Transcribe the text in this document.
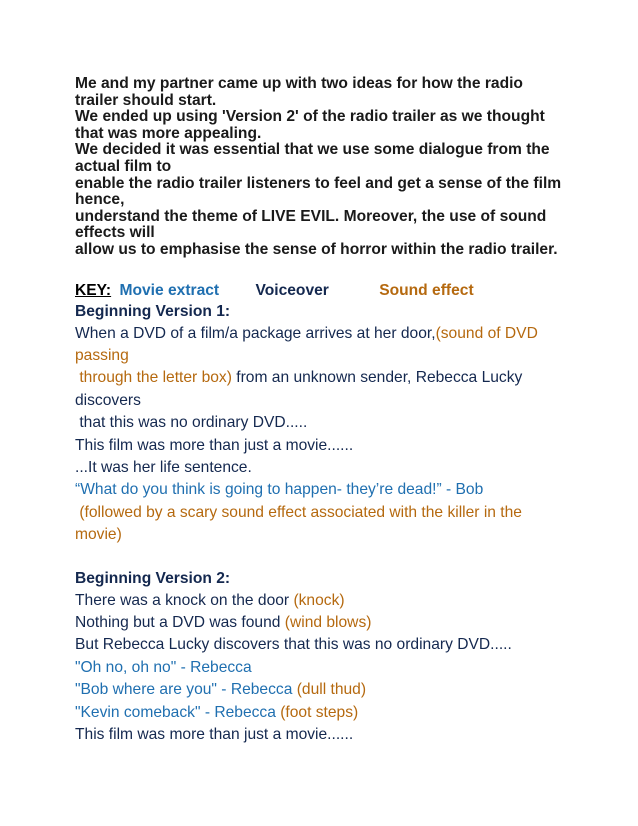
Me and my partner came up with two ideas for how the radio

trailer should start.

We ended up using 'Version 2' of the radio trailer as we thought

that was more appealing.

We decided it was essential that we use some dialogue from the

actual film to

enable the radio trailer listeners to feel and get a sense of the film

hence,

understand the theme of LIVE EVIL. Moreover, the use of sound

effects will

allow us to emphasise the sense of horror within the radio trailer.

KEY: Movie extract Voiceover	Sound effect
Beginning Version 1:

When a DVD of a film/a package arrives at her door,(sound of DVD

passing

through the letter box) from an unknown sender, Rebecca Lucky

discovers

that this was no ordinary DVD.....

This film was more than just a movie......

...It was her life sentence.

“What do you think is going to happen- they’re dead!” - Bob

(followed by a scary sound effect associated with the killer in the

movie)

Beginning Version 2:

There was a knock on the door (knock)

Nothing but a DVD was found (wind blows)

But Rebecca Lucky discovers that this was no ordinary DVD.....

"Oh no, oh no" - Rebecca

"Bob where are you" - Rebecca (dull thud)

"Kevin comeback" - Rebecca (foot steps)

This film was more than just a movie......
